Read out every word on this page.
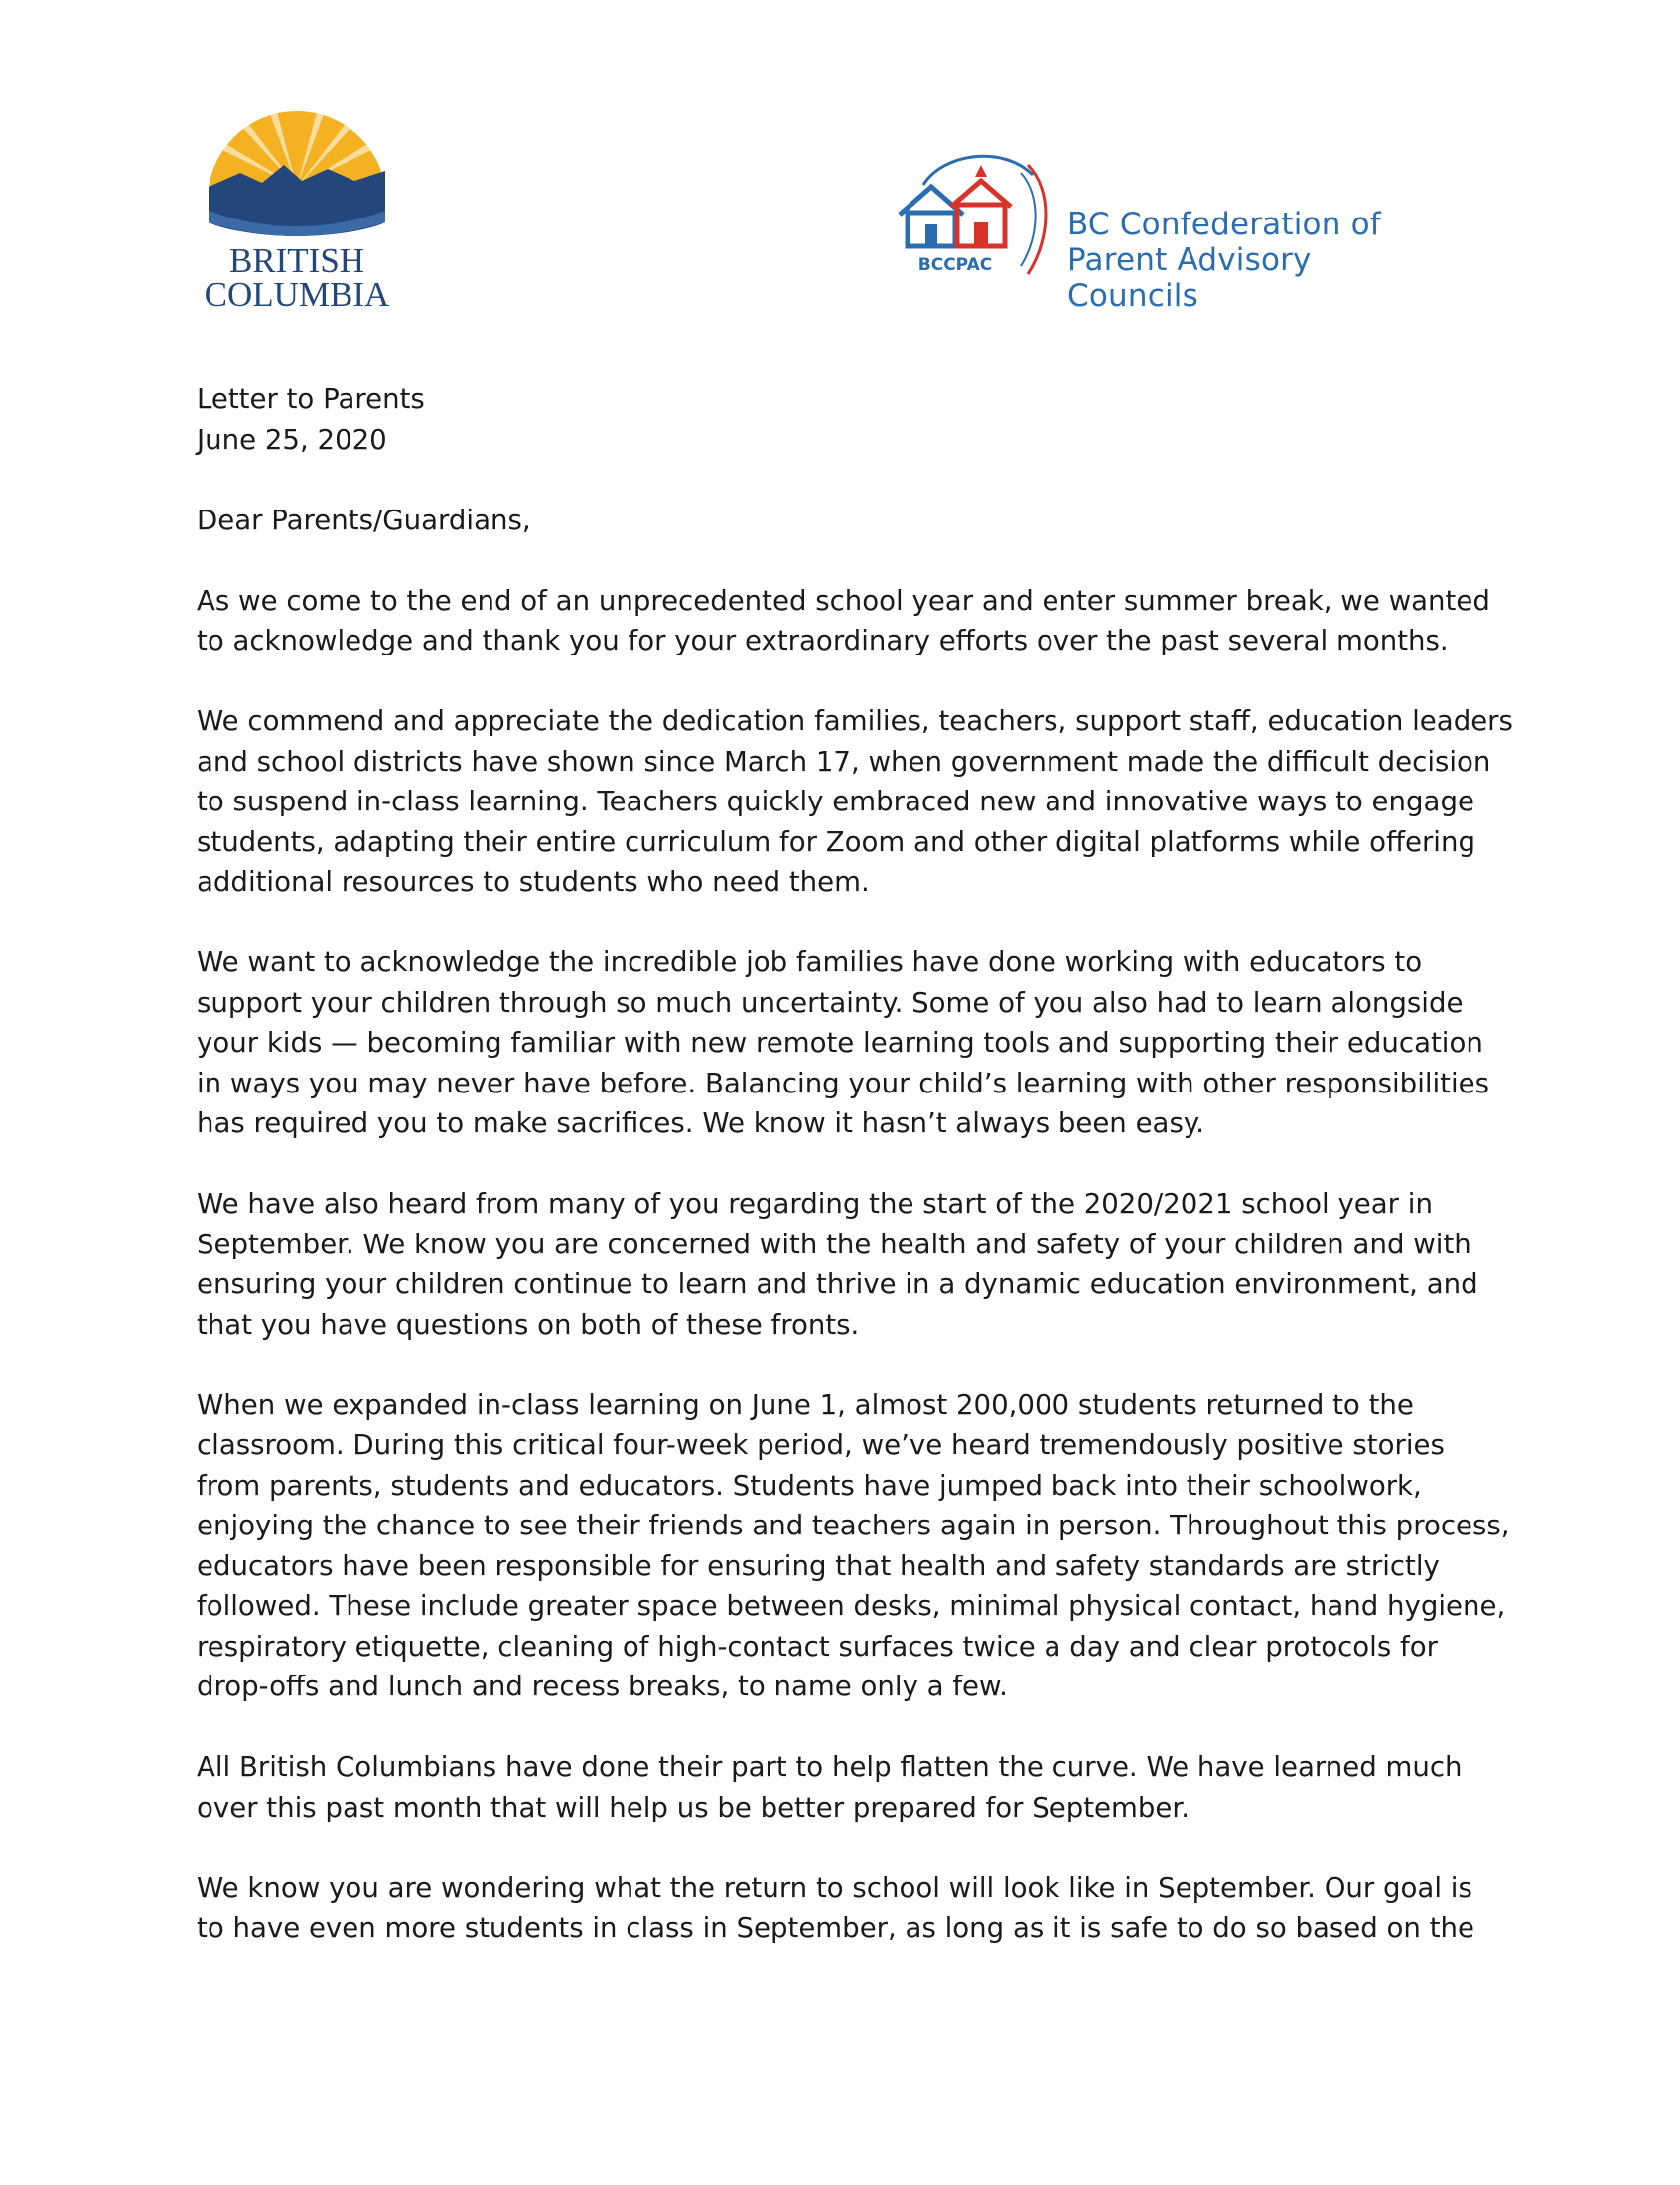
BRITISH
COLUMBIA
BCCPAC
BC Confederation of
Parent Advisory Councils

Letter to Parents

June 25, 2020

Dear Parents/Guardians,

As we come to the end of an unprecedented school year and enter summer break, we wanted
to acknowledge and thank you for your extraordinary efforts over the past several months.
We commend and appreciate the dedication families, teachers, support staff, education leaders
and school districts have shown since March 17, when government made the difficult decision
to suspend in-class learning. Teachers quickly embraced new and innovative ways to engage
students, adapting their entire curriculum for Zoom and other digital platforms while offering
additional resources to students who need them.
We want to acknowledge the incredible job families have done working with educators to
support your children through so much uncertainty. Some of you also had to learn alongside
your kids — becoming familiar with new remote learning tools and supporting their education
in ways you may never have before. Balancing your child’s learning with other responsibilities
has required you to make sacrifices. We know it hasn’t always been easy.
We have also heard from many of you regarding the start of the 2020/2021 school year in
September. We know you are concerned with the health and safety of your children and with
ensuring your children continue to learn and thrive in a dynamic education environment, and
that you have questions on both of these fronts.
When we expanded in-class learning on June 1, almost 200,000 students returned to the
classroom. During this critical four-week period, we’ve heard tremendously positive stories
from parents, students and educators. Students have jumped back into their schoolwork,
enjoying the chance to see their friends and teachers again in person. Throughout this process,
educators have been responsible for ensuring that health and safety standards are strictly
followed. These include greater space between desks, minimal physical contact, hand hygiene,
respiratory etiquette, cleaning of high-contact surfaces twice a day and clear protocols for
drop-offs and lunch and recess breaks, to name only a few.
All British Columbians have done their part to help flatten the curve. We have learned much
over this past month that will help us be better prepared for September.
We know you are wondering what the return to school will look like in September. Our goal is
to have even more students in class in September, as long as it is safe to do so based on the
